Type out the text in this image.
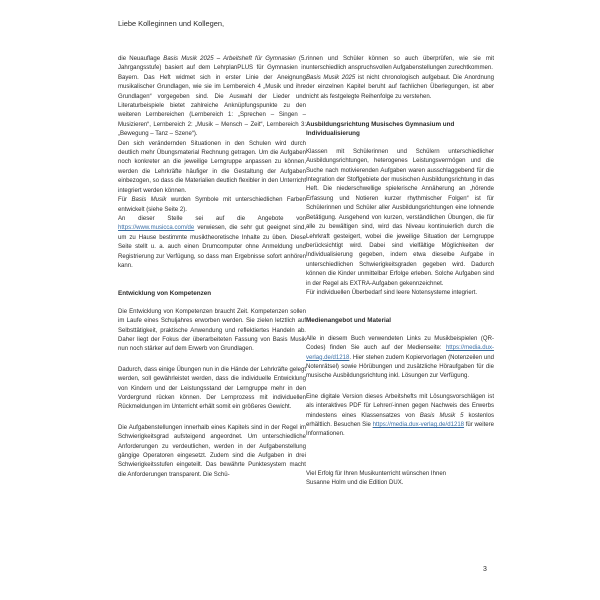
Liebe Kolleginnen und Kollegen,

die Neuauflage Basis Musik 2025 – Arbeitsheft für Gymnasien (5. Jahrgangsstufe) basiert auf dem LehrplanPLUS für Gymnasien in Bayern. Das Heft widmet sich in erster Linie der Aneignung musikalischer Grundlagen, wie sie im Lernbereich 4 „Musik und ihre Grundlagen“ vorgegeben sind. Die Auswahl der Lieder und Literaturbeispiele bietet zahlreiche Anknüpfungspunkte zu den weiteren Lernbereichen (Lernbereich 1: „Sprechen – Singen – Musizieren“, Lernbereich 2: „Musik – Mensch – Zeit“, Lernbereich 3: „Bewegung – Tanz – Szene“).

Den sich verändernden Situationen in den Schulen wird durch deutlich mehr Übungsmaterial Rechnung getragen. Um die Aufgaben noch konkreter an die jeweilige Lerngruppe anpassen zu können, werden die Lehrkräfte häufiger in die Gestaltung der Aufgaben einbezogen, so dass die Materialien deutlich flexibler in den Unterricht integriert werden können.

Für Basis Musik wurden Symbole mit unterschiedlichen Farben entwickelt (siehe Seite 2).

An dieser Stelle sei auf die Angebote von https://www.musicca.com/de verwiesen, die sehr gut geeignet sind, um zu Hause bestimmte musiktheoretische Inhalte zu üben. Diese Seite stellt u. a. auch einen Drumcomputer ohne Anmeldung und Registrierung zur Verfügung, so dass man Ergebnisse sofort anhören kann.

Entwicklung von Kompetenzen

Die Entwicklung von Kompetenzen braucht Zeit. Kompetenzen sollen im Laufe eines Schuljahres erworben werden. Sie zielen letztlich auf Selbsttätigkeit, praktische Anwendung und reflektiertes Handeln ab. Daher liegt der Fokus der überarbeiteten Fassung von Basis Musik nun noch stärker auf dem Erwerb von Grundlagen.

Dadurch, dass einige Übungen nun in die Hände der Lehrkräfte gelegt werden, soll gewährleistet werden, dass die individuelle Entwicklung von Kindern und der Leistungsstand der Lerngruppe mehr in den Vordergrund rücken können. Der Lernprozess mit individuellen Rückmeldungen im Unterricht erhält somit ein größeres Gewicht.

Die Aufgabenstellungen innerhalb eines Kapitels sind in der Regel im Schwierigkeitsgrad aufsteigend angeordnet. Um unterschiedliche Anforderungen zu verdeutlichen, werden in der Aufgabenstellung gängige Operatoren eingesetzt. Zudem sind die Aufgaben in drei Schwierigkeitsstufen eingeteilt. Das bewährte Punktesystem macht die Anforderungen transparent. Die Schü-

rinnen und Schüler können so auch überprüfen, wie sie mit unterschiedlich anspruchsvollen Aufgabenstellungen zurechtkommen.

Basis Musik 2025 ist nicht chronologisch aufgebaut. Die Anordnung der einzelnen Kapitel beruht auf fachlichen Überlegungen, ist aber nicht als festgelegte Reihenfolge zu verstehen.

Ausbildungsrichtung Musisches Gymnasium und Individualisierung

Klassen mit Schülerinnen und Schülern unterschiedlicher Ausbildungsrichtungen, heterogenes Leistungsvermögen und die Suche nach motivierenden Aufgaben waren ausschlaggebend für die Integration der Stoffgebiete der musischen Ausbildungsrichtung in das Heft. Die niederschwellige spielerische Annäherung an „hörende Erfassung und Notieren kurzer rhythmischer Folgen“ ist für Schülerinnen und Schüler aller Ausbildungsrichtungen eine lohnende Betätigung. Ausgehend von kurzen, verständlichen Übungen, die für alle zu bewältigen sind, wird das Niveau kontinuierlich durch die Lehrkraft gesteigert, wobei die jeweilige Situation der Lerngruppe berücksichtigt wird. Dabei sind vielfältige Möglichkeiten der Individualisierung gegeben, indem etwa dieselbe Aufgabe in unterschiedlichen Schwierigkeitsgraden gegeben wird. Dadurch können die Kinder unmittelbar Erfolge erleben. Solche Aufgaben sind in der Regel als EXTRA-Aufgaben gekennzeichnet.

Für individuellen Überbedarf sind leere Notensysteme integriert.

Medienangebot und Material

Alle in diesem Buch verwendeten Links zu Musikbeispielen (QR-Codes) finden Sie auch auf der Medienseite: https://media.dux-verlag.de/d1218. Hier stehen zudem Kopiervorlagen (Notenzeilen und Notenrätsel) sowie Hörübungen und zusätzliche Höraufgaben für die musische Ausbildungsrichtung inkl. Lösungen zur Verfügung.

Eine digitale Version dieses Arbeitshefts mit Lösungsvorschlägen ist als interaktives PDF für Lehrer/-innen gegen Nachweis des Erwerbs mindestens eines Klassensatzes von Basis Musik 5 kostenlos erhältlich. Besuchen Sie https://media.dux-verlag.de/d1218 für weitere Informationen.

Viel Erfolg für Ihren Musikunterricht wünschen Ihnen
Susanne Holm und die Edition DUX.
3
